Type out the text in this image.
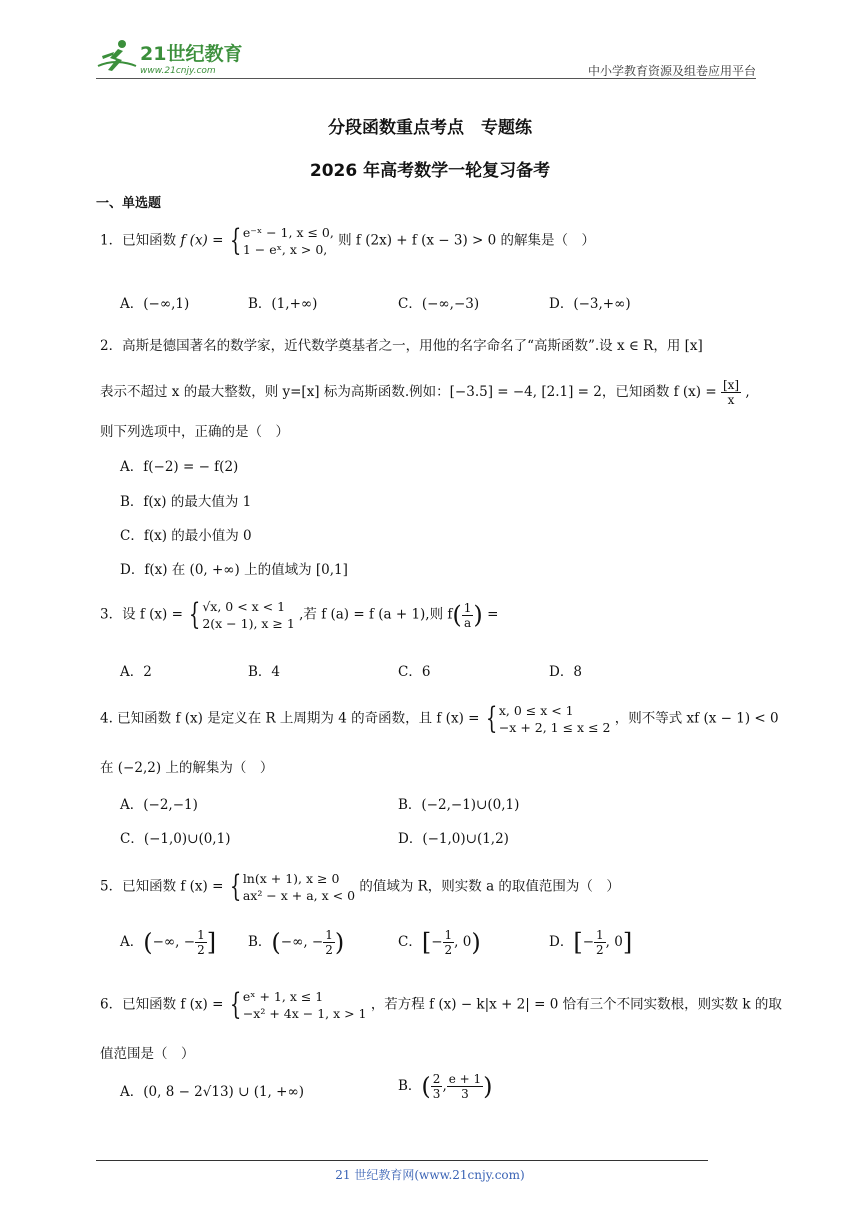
21世纪教育
www.21cnjy.com	中小学教育资源及组卷应用平台
分段函数重点考点　专题练
2026 年高考数学一轮复习备考
一、单选题
1．已知函数 f (x) = { e⁻ˣ − 1, x ≤ 0,
1 − eˣ, x > 0,
则 f (2x) + f (x − 3) > 0 的解集是（　）
A．(−∞,1)	B．(1,+∞)	C．(−∞,−3)	D．(−3,+∞)
2．高斯是德国著名的数学家，近代数学奠基者之一，用他的名字命名了“高斯函数”.设 x ∈ R，用 [x]
表示不超过 x 的最大整数，则 y=[x] 标为高斯函数.例如：[−3.5] = −4, [2.1] = 2，已知函数 f $(x) = \frac{[x]}{x}$ ,
则下列选项中，正确的是（　）
A．f(−2) = − f(2)
B．f(x) 的最大值为 1
C．f(x) 的最小值为 0
D．f(x) 在 (0, +∞) 上的值域为 [0,1]
3．设 f (x) = { √x, 0 < x < 1
2(x − 1), x ≥ 1
,若 f (a) = f (a + 1),则 $f( \frac{1}{a}$ ) =
A．2	B．4	C．6	D．8
4. 已知函数 f (x) 是定义在 R 上周期为 4 的奇函数，且 f (x) = { x, 0 ≤ x < 1
−x + 2, 1 ≤ x ≤ 2
，则不等式 xf (x − 1) < 0
在 (−2,2) 上的解集为（　）
A．(−2,−1)	B．(−2,−1)∪(0,1)
C．(−1,0)∪(0,1)	D．(−1,0)∪(1,2)
5．已知函数 f (x) = { ln(x + 1), x ≥ 0
ax² − x + a, x < 0
的值域为 R，则实数 a 的取值范围为（　）
A．(−∞, − $\frac{1}{2}$ ] B．(−∞, − $\frac{1}{2}$ )	C．[− $\frac{1}{2}$ , 0)	D．[− $\frac{1}{2}$ , 0]
6．已知函数 f (x) = { eˣ + 1, x ≤ 1
−x² + 4x − 1, x > 1
，若方程 f (x) − k|x + 2| = 0 恰有三个不同实数根，则实数 k 的取
值范围是（　）
A．(0, 8 − 2√13) ∪ (1, +∞)	B．( $\frac{2}{3}$ , $\frac{e + 1}{3}$ )
21 世纪教育网(www.21cnjy.com)
